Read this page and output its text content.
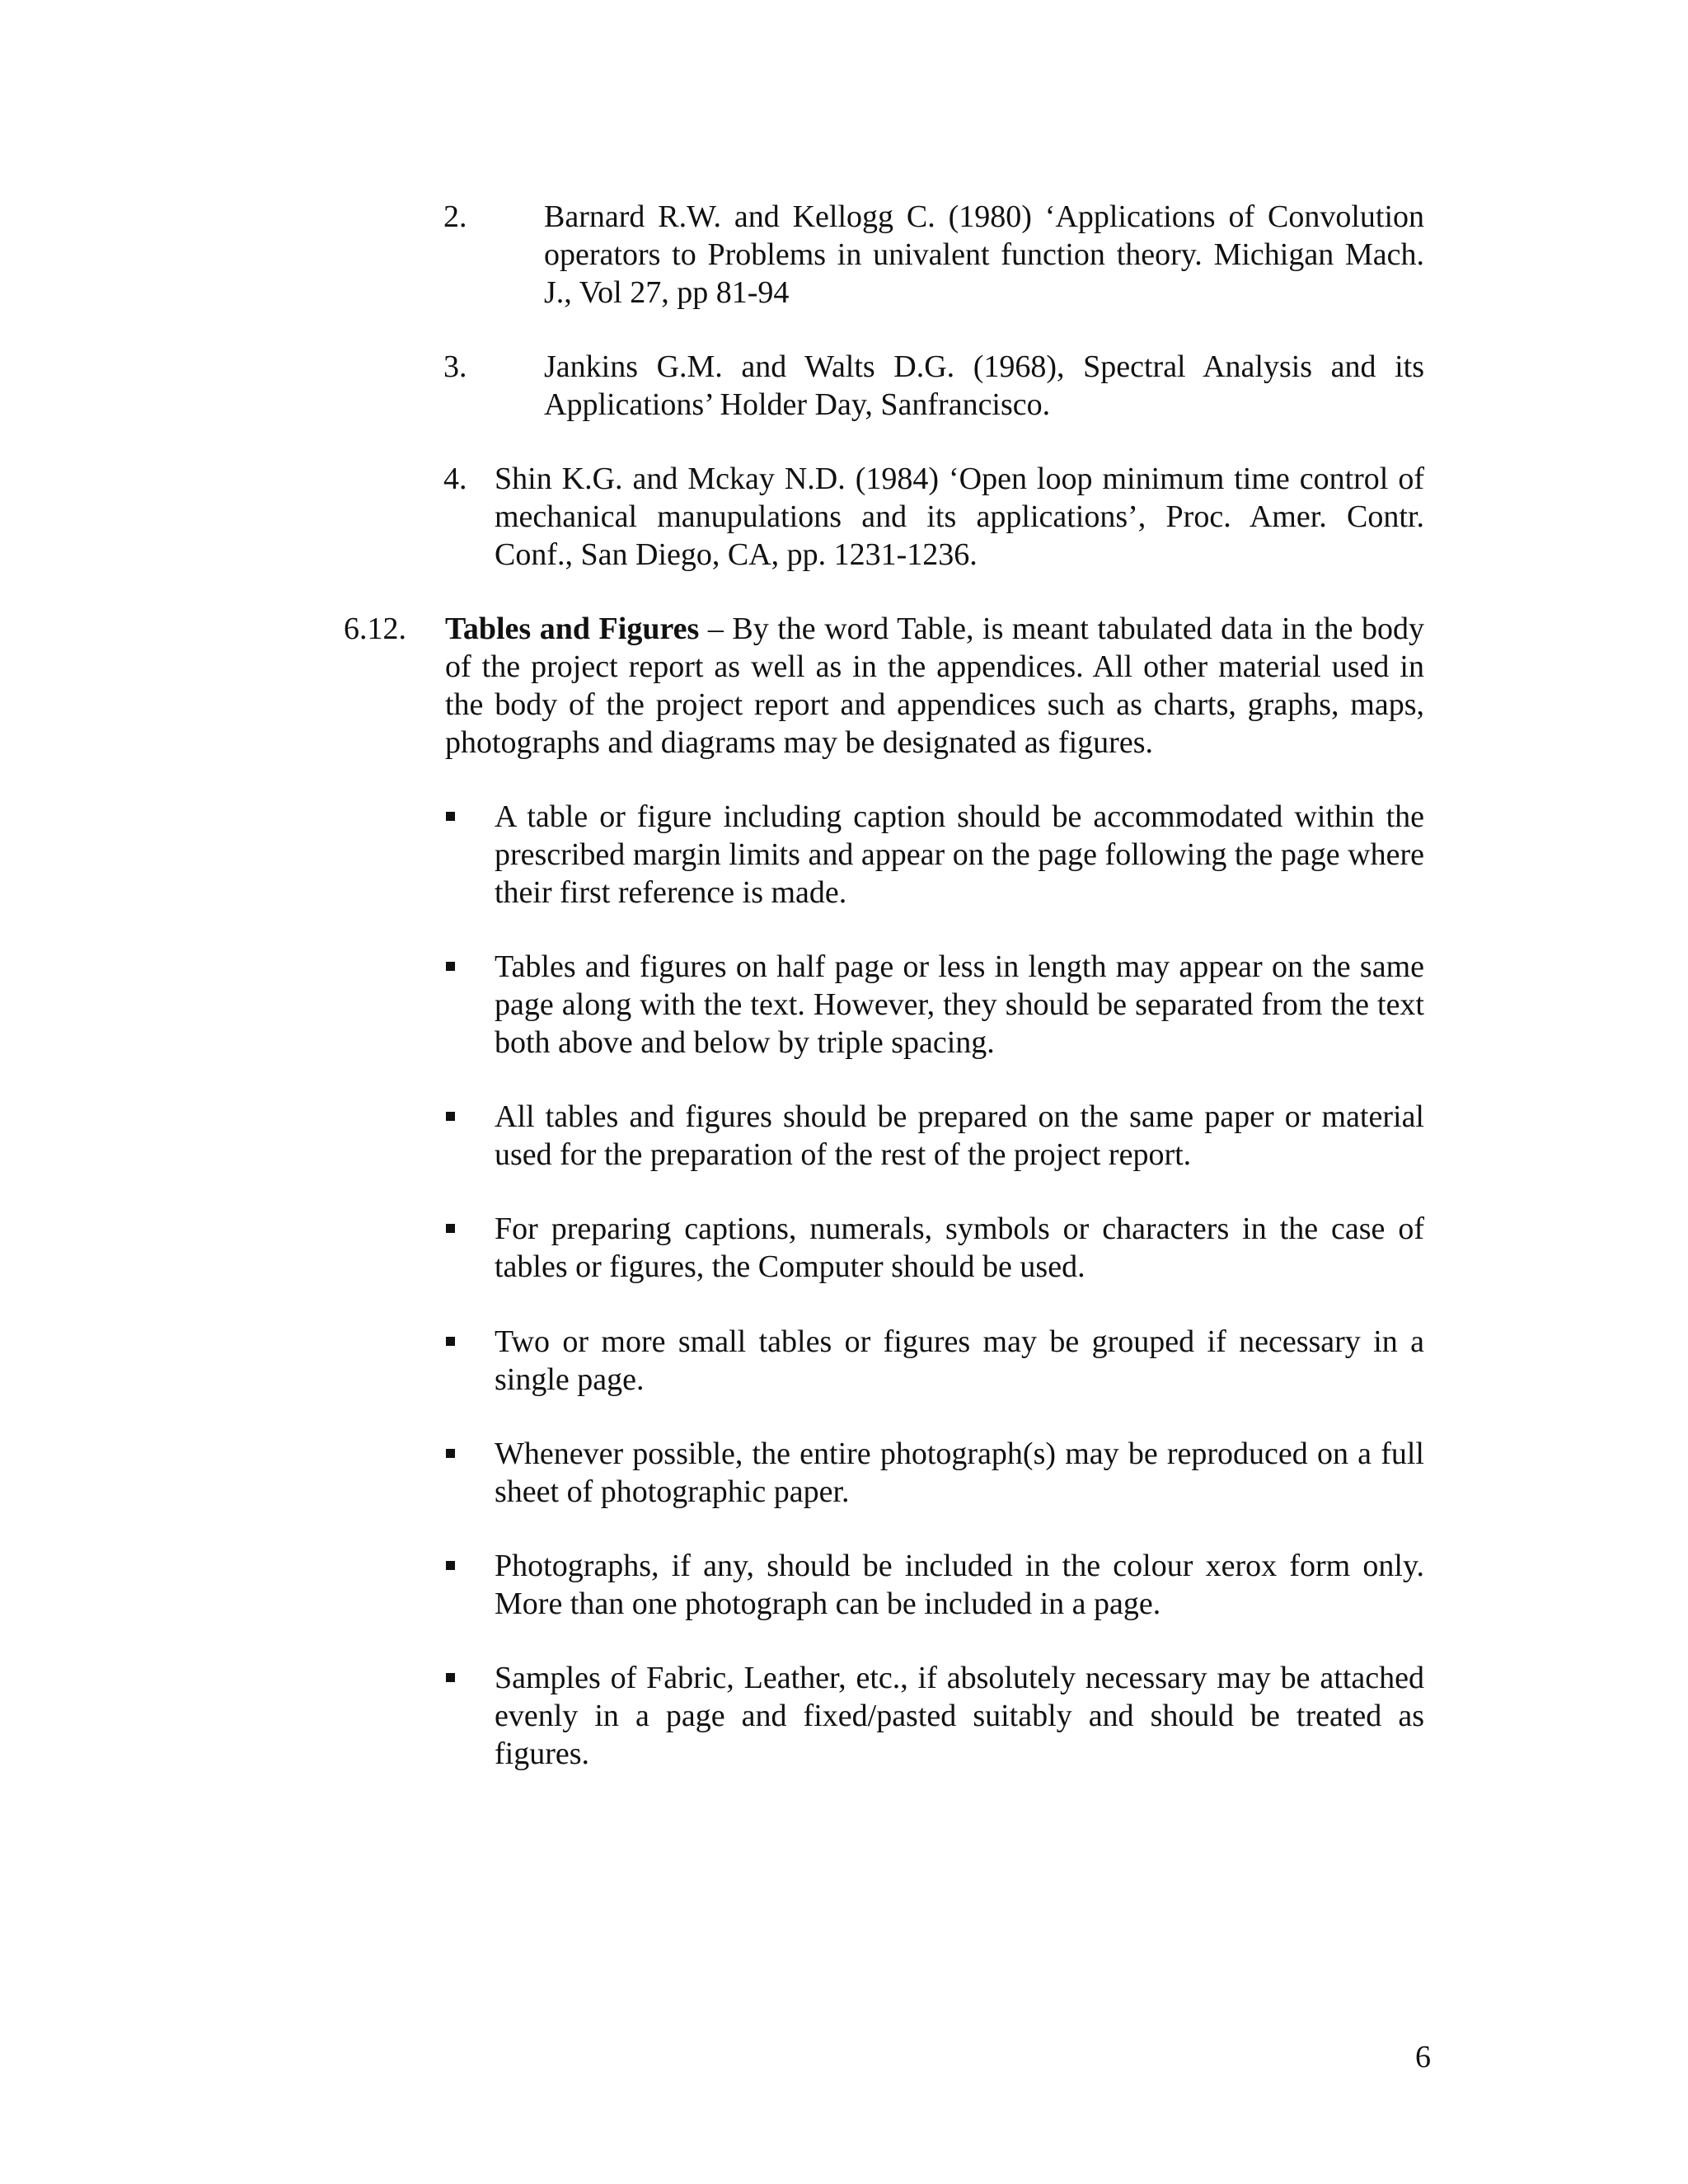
2. Barnard R.W. and Kellogg C. (1980) ‘Applications of Convolution operators to Problems in univalent function theory. Michigan Mach. J., Vol 27, pp 81-94
3. Jankins G.M. and Walts D.G. (1968), Spectral Analysis and its Applications’ Holder Day, Sanfrancisco.
4. Shin K.G. and Mckay N.D. (1984) ‘Open loop minimum time control of mechanical manupulations and its applications’, Proc. Amer. Contr. Conf., San Diego, CA, pp. 1231-1236.
6.12. Tables and Figures – By the word Table, is meant tabulated data in the body of the project report as well as in the appendices. All other material used in the body of the project report and appendices such as charts, graphs, maps, photographs and diagrams may be designated as figures.
A table or figure including caption should be accommodated within the prescribed margin limits and appear on the page following the page where their first reference is made.
Tables and figures on half page or less in length may appear on the same page along with the text. However, they should be separated from the text both above and below by triple spacing.
All tables and figures should be prepared on the same paper or material used for the preparation of the rest of the project report.
For preparing captions, numerals, symbols or characters in the case of tables or figures, the Computer should be used.
Two or more small tables or figures may be grouped if necessary in a single page.
Whenever possible, the entire photograph(s) may be reproduced on a full sheet of photographic paper.
Photographs, if any, should be included in the colour xerox form only. More than one photograph can be included in a page.
Samples of Fabric, Leather, etc., if absolutely necessary may be attached evenly in a page and fixed/pasted suitably and should be treated as figures.
6
